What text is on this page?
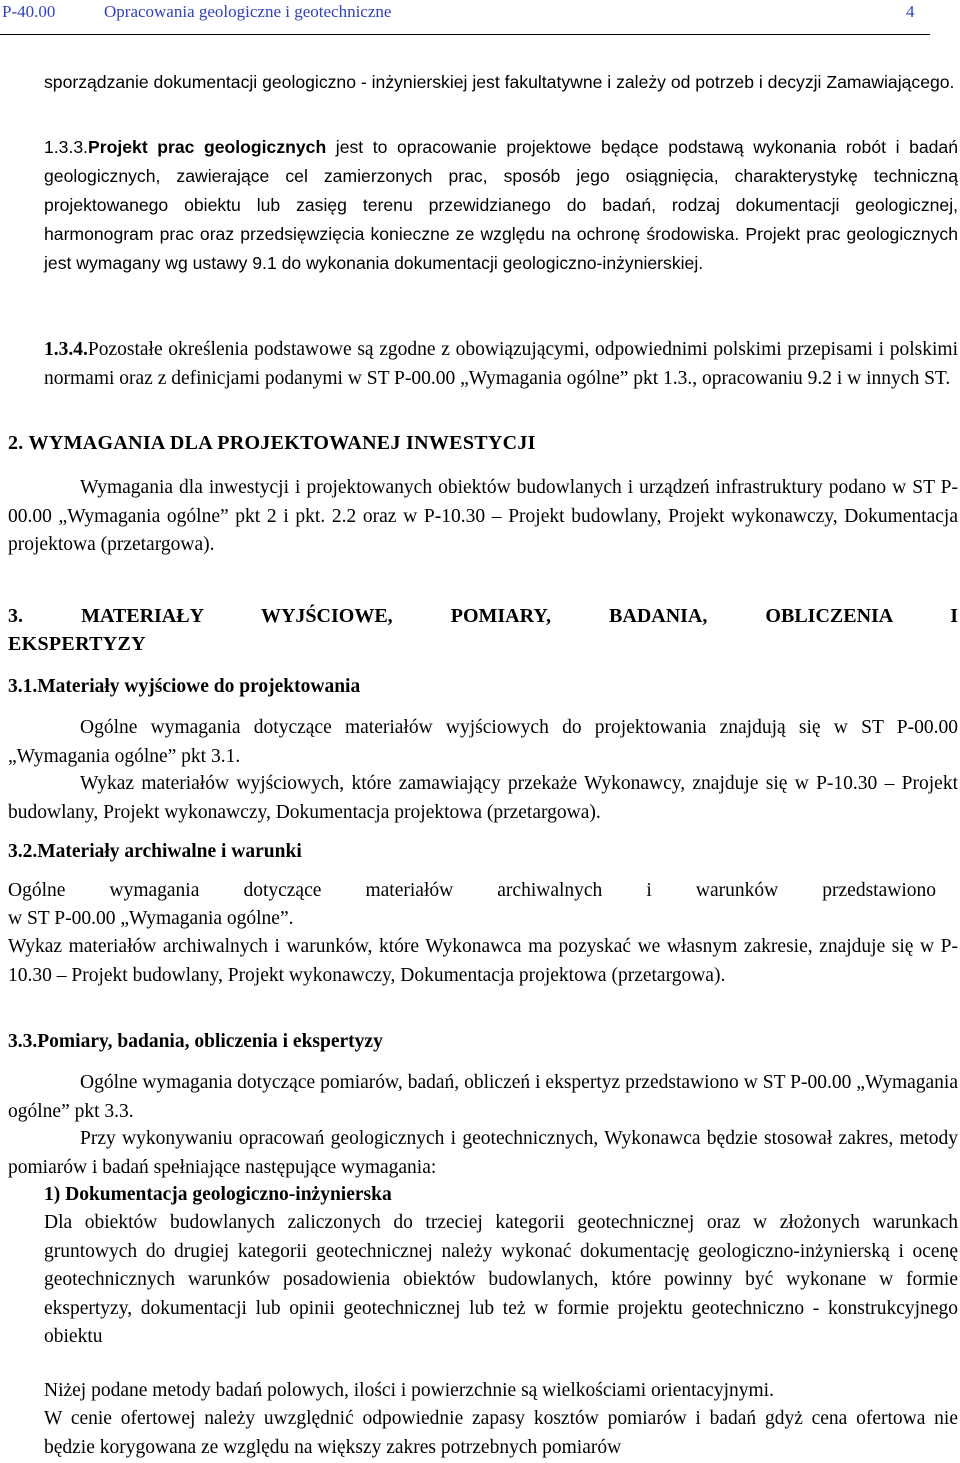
P-40.00	Opracowania geologiczne i geotechniczne	4
sporządzanie dokumentacji geologiczno - inżynierskiej jest fakultatywne i zależy od potrzeb i decyzji Zamawiającego.
1.3.3.Projekt prac geologicznych jest to opracowanie projektowe będące podstawą wykonania robót i badań geologicznych, zawierające cel zamierzonych prac, sposób jego osiągnięcia, charakterystykę techniczną projektowanego obiektu lub zasięg terenu przewidzianego do badań, rodzaj dokumentacji geologicznej, harmonogram prac oraz przedsięwzięcia konieczne ze względu na ochronę środowiska. Projekt prac geologicznych jest wymagany wg ustawy 9.1 do wykonania dokumentacji geologiczno-inżynierskiej.
1.3.4.Pozostałe określenia podstawowe są zgodne z obowiązującymi, odpowiednimi polskimi przepisami i polskimi normami oraz z definicjami podanymi w ST P-00.00 „Wymagania ogólne” pkt 1.3., opracowaniu 9.2 i w innych ST.
2. WYMAGANIA DLA PROJEKTOWANEJ INWESTYCJI
Wymagania dla inwestycji i projektowanych obiektów budowlanych i urządzeń infrastruktury podano w ST P-00.00 „Wymagania ogólne” pkt 2 i pkt. 2.2 oraz w P-10.30 – Projekt budowlany, Projekt wykonawczy, Dokumentacja projektowa (przetargowa).
3. MATERIAŁY WYJŚCIOWE, POMIARY, BADANIA, OBLICZENIA I
EKSPERTYZY
3.1.Materiały wyjściowe do projektowania
Ogólne wymagania dotyczące materiałów wyjściowych do projektowania znajdują się w ST P-00.00 „Wymagania ogólne” pkt 3.1.
Wykaz materiałów wyjściowych, które zamawiający przekaże Wykonawcy, znajduje się w P-10.30 – Projekt budowlany, Projekt wykonawczy, Dokumentacja projektowa (przetargowa).
3.2.Materiały archiwalne i warunki
Ogólne wymagania dotyczące materiałów archiwalnych i warunków przedstawiono
w ST P-00.00 „Wymagania ogólne”.
Wykaz materiałów archiwalnych i warunków, które Wykonawca ma pozyskać we własnym zakresie, znajduje się w P-10.30 – Projekt budowlany, Projekt wykonawczy, Dokumentacja projektowa (przetargowa).
3.3.Pomiary, badania, obliczenia i ekspertyzy
Ogólne wymagania dotyczące pomiarów, badań, obliczeń i ekspertyz przedstawiono w ST P-00.00 „Wymagania ogólne” pkt 3.3.
Przy wykonywaniu opracowań geologicznych i geotechnicznych, Wykonawca będzie stosował zakres, metody pomiarów i badań spełniające następujące wymagania:
1) Dokumentacja geologiczno-inżynierska
Dla obiektów budowlanych zaliczonych do trzeciej kategorii geotechnicznej oraz w złożonych warunkach gruntowych do drugiej kategorii geotechnicznej należy wykonać dokumentację geologiczno-inżynierską i ocenę geotechnicznych warunków posadowienia obiektów budowlanych, które powinny być wykonane w formie ekspertyzy, dokumentacji lub opinii geotechnicznej lub też w formie projektu geotechniczno - konstrukcyjnego obiektu
Niżej podane metody badań polowych, ilości i powierzchnie są wielkościami orientacyjnymi.
W cenie ofertowej należy uwzględnić odpowiednie zapasy kosztów pomiarów i badań gdyż cena ofertowa nie będzie korygowana ze względu na większy zakres potrzebnych pomiarów
